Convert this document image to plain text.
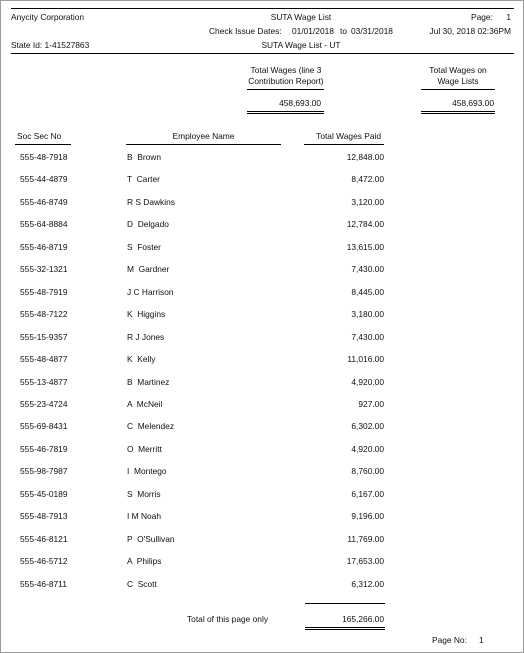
Anycity Corporation	SUTA Wage List	Page:	1
Check Issue Dates: 01/01/2018 to 03/31/2018	Jul 30, 2018 02:36PM
State Id: 1-41527863	SUTA Wage List - UT
Total Wages (line 3
Contribution Report)
458,693.00
Total Wages on
Wage Lists
458,693.00
Soc Sec No	Employee Name	Total Wages Paid
555-48-7918	B  Brown	12,848.00
555-44-4879	T  Carter	8,472.00
555-46-8749	R S Dawkins	3,120.00
555-64-8884	D  Delgado	12,784.00
555-46-8719	S  Foster	13,615.00
555-32-1321	M  Gardner	7,430.00
555-48-7919	J C Harrison	8,445.00
555-48-7122	K  Higgins	3,180.00
555-15-9357	R J Jones	7,430.00
555-48-4877	K  Kelly	11,016.00
555-13-4877	B  Martinez	4,920.00
555-23-4724	A  McNeil	927.00
555-69-8431	C  Melendez	6,302.00
555-46-7819	O  Merritt	4,920.00
555-98-7987	I  Montego	8,760.00
555-45-0189	S  Morris	6,167.00
555-48-7913	I M Noah	9,196.00
555-46-8121	P  O'Sullivan	11,769.00
555-46-5712	A  Philips	17,653.00
555-46-8711	C  Scott	6,312.00
Total of this page only	165,266.00
Page No: 1
